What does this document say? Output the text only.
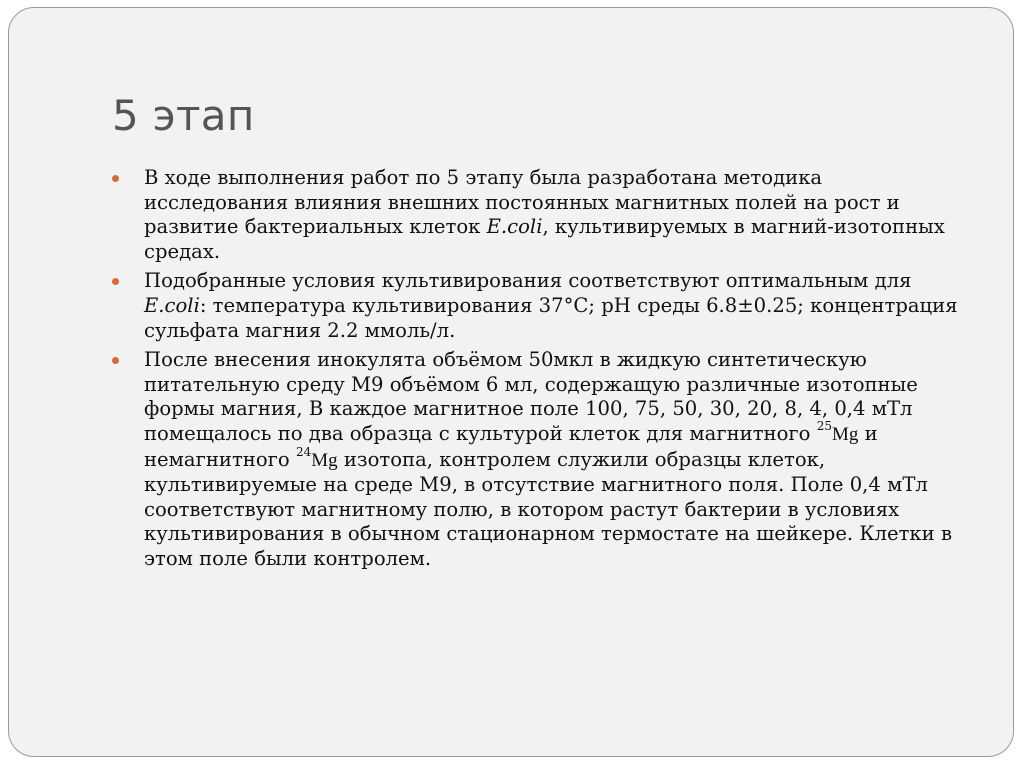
5 этап
В ходе выполнения работ по 5 этапу была разработана методика исследования влияния внешних постоянных магнитных полей на рост и развитие бактериальных клеток E.coli, культивируемых в магний-изотопных средах.
Подобранные условия культивирования соответствуют оптимальным для E.coli: температура культивирования 37°C; рН среды 6.8±0.25; концентрация сульфата магния 2.2 ммоль/л.
После внесения инокулята объёмом 50мкл в жидкую синтетическую питательную среду М9 объёмом 6 мл, содержащую различные изотопные формы магния, В каждое магнитное поле 100, 75, 50, 30, 20, 8, 4, 0,4 мТл помещалось по два образца с культурой клеток для магнитного $^{25}$Mg и немагнитного $^{24}$Mg изотопа, контролем служили образцы клеток, культивируемые на среде М9, в отсутствие магнитного поля. Поле 0,4 мТл соответствуют магнитному полю, в котором растут бактерии в условиях культивирования в обычном стационарном термостате на шейкере. Клетки в этом поле были контролем.
